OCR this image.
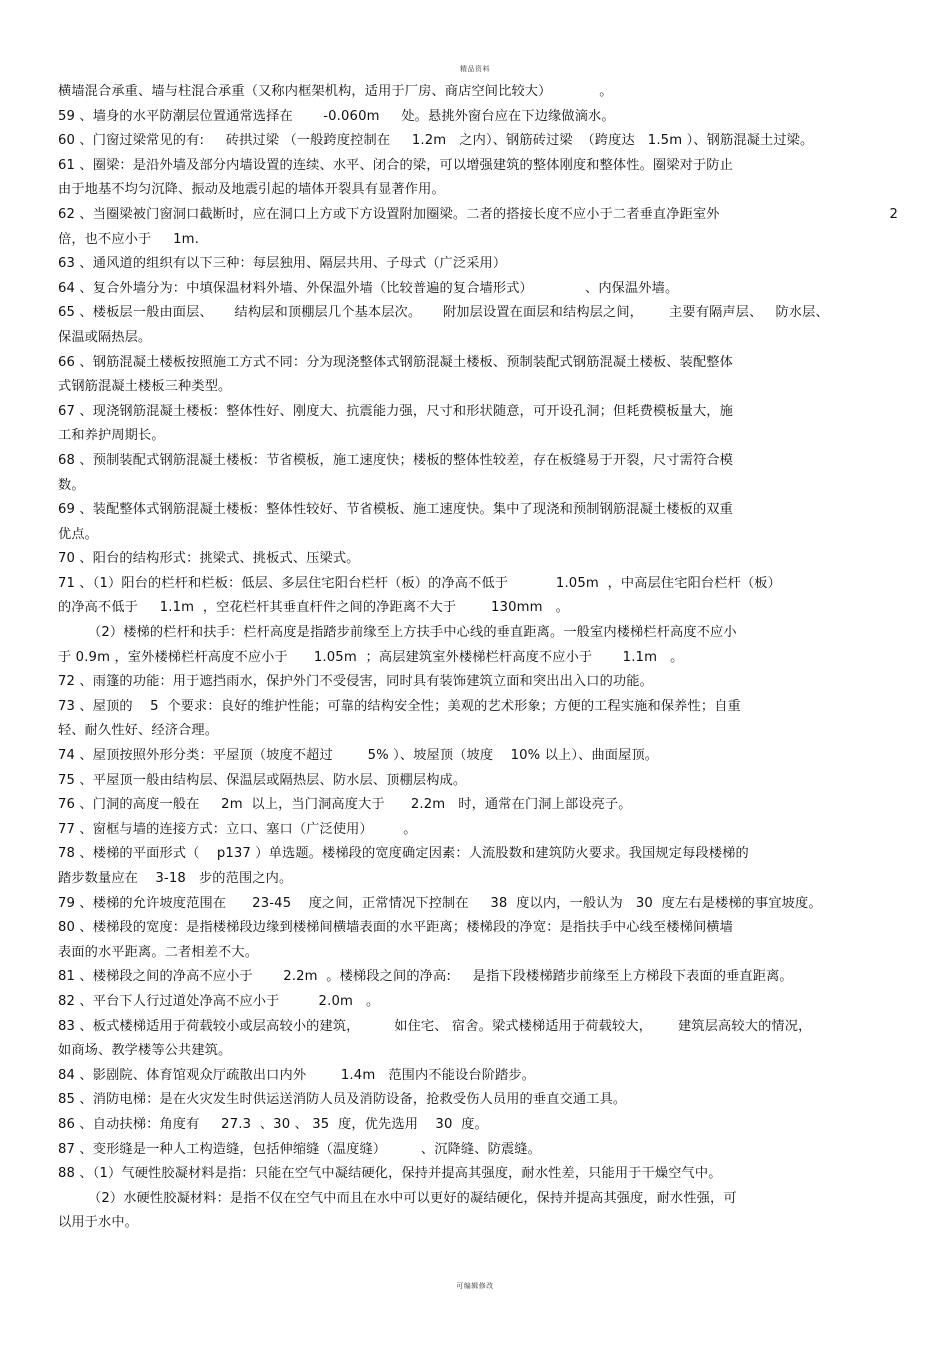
精品资料
横墙混合承重、墙与柱混合承重（又称内框架机构，适用于厂房、商店空间比较大）           。
59 、墙身的水平防潮层位置通常选择在       -0.060m     处。悬挑外窗台应在下边缘做滴水。
60 、门窗过梁常见的有:     砖拱过梁 （一般跨度控制在     1.2m   之内）、钢筋砖过梁  （跨度达   1.5m ）、钢筋混凝土过梁。
61 、圈梁：是沿外墙及部分内墙设置的连续、水平、闭合的梁，可以增强建筑的整体刚度和整体性。圈梁对于防止
由于地基不均匀沉降、振动及地震引起的墙体开裂具有显著作用。
62 、当圈梁被门窗洞口截断时，应在洞口上方或下方设置附加圈梁。二者的搭接长度不应小于二者垂直净距室外	2
倍，也不应小于     1m.
63 、通风道的组织有以下三种：每层独用、隔层共用、子母式（广泛采用）
64 、复合外墙分为：中填保温材料外墙、外保温外墙（比较普遍的复合墙形式）            、内保温外墙。
65 、楼板层一般由面层、     结构层和顶棚层几个基本层次。     附加层设置在面层和结构层之间，      主要有隔声层、   防水层、
保温或隔热层。
66 、钢筋混凝土楼板按照施工方式不同：分为现浇整体式钢筋混凝土楼板、预制装配式钢筋混凝土楼板、装配整体
式钢筋混凝土楼板三种类型。
67 、现浇钢筋混凝土楼板：整体性好、刚度大、抗震能力强，尺寸和形状随意，可开设孔洞；但耗费模板量大，施
工和养护周期长。
68 、预制装配式钢筋混凝土楼板：节省模板，施工速度快；楼板的整体性较差，存在板缝易于开裂，尺寸需符合模
数。
69 、装配整体式钢筋混凝土楼板：整体性较好、节省模板、施工速度快。集中了现浇和预制钢筋混凝土楼板的双重
优点。
70 、阳台的结构形式：挑梁式、挑板式、压梁式。
71 、（1）阳台的栏杆和栏板：低层、多层住宅阳台栏杆（板）的净高不低于           1.05m  ，中高层住宅阳台栏杆（板）
的净高不低于     1.1m  ，空花栏杆其垂直杆件之间的净距离不大于        130mm   。
（2）楼梯的栏杆和扶手：栏杆高度是指踏步前缘至上方扶手中心线的垂直距离。一般室内楼梯栏杆高度不应小
于 0.9m ，室外楼梯栏杆高度不应小于      1.05m  ；高层建筑室外楼梯栏杆高度不应小于       1.1m   。
72 、雨篷的功能：用于遮挡雨水，保护外门不受侵害，同时具有装饰建筑立面和突出出入口的功能。
73 、屋顶的    5  个要求：良好的维护性能；可靠的结构安全性；美观的艺术形象；方便的工程实施和保养性；自重
轻、耐久性好、经济合理。
74 、屋顶按照外形分类：平屋顶（坡度不超过        5% ）、坡屋顶（坡度    10% 以上）、曲面屋顶。
75 、平屋顶一般由结构层、保温层或隔热层、防水层、顶棚层构成。
76 、门洞的高度一般在     2m  以上，当门洞高度大于      2.2m   时，通常在门洞上部设亮子。
77 、窗框与墙的连接方式：立口、塞口（广泛使用）       。
78 、楼梯的平面形式（    p137 ）单选题。楼梯段的宽度确定因素：人流股数和建筑防火要求。我国规定每段楼梯的
踏步数量应在    3-18   步的范围之内。
79 、楼梯的允许坡度范围在      23-45    度之间，正常情况下控制在     38  度以内，一般认为   30  度左右是楼梯的事宜坡度。
80 、楼梯段的宽度：是指楼梯段边缘到楼梯间横墙表面的水平距离；楼梯段的净宽：是指扶手中心线至楼梯间横墙
表面的水平距离。二者相差不大。
81 、楼梯段之间的净高不应小于       2.2m  。楼梯段之间的净高:     是指下段楼梯踏步前缘至上方梯段下表面的垂直距离。
82 、平台下人行过道处净高不应小于         2.0m   。
83 、板式楼梯适用于荷载较小或层高较小的建筑，        如住宅、 宿舍。梁式楼梯适用于荷载较大，      建筑层高较大的情况，
如商场、教学楼等公共建筑。
84 、影剧院、体育馆观众厅疏散出口内外        1.4m   范围内不能设台阶踏步。
85 、消防电梯：是在火灾发生时供运送消防人员及消防设备，抢救受伤人员用的垂直交通工具。
86 、自动扶梯：角度有     27.3  、30 、 35  度，优先选用    30  度。
87 、变形缝是一种人工构造缝，包括伸缩缝（温度缝）        、沉降缝、防震缝。
88 、（1）气硬性胶凝材料是指：只能在空气中凝结硬化，保持并提高其强度，耐水性差，只能用于干燥空气中。
（2）水硬性胶凝材料：是指不仅在空气中而且在水中可以更好的凝结硬化，保持并提高其强度，耐水性强，可
以用于水中。
可编辑修改
